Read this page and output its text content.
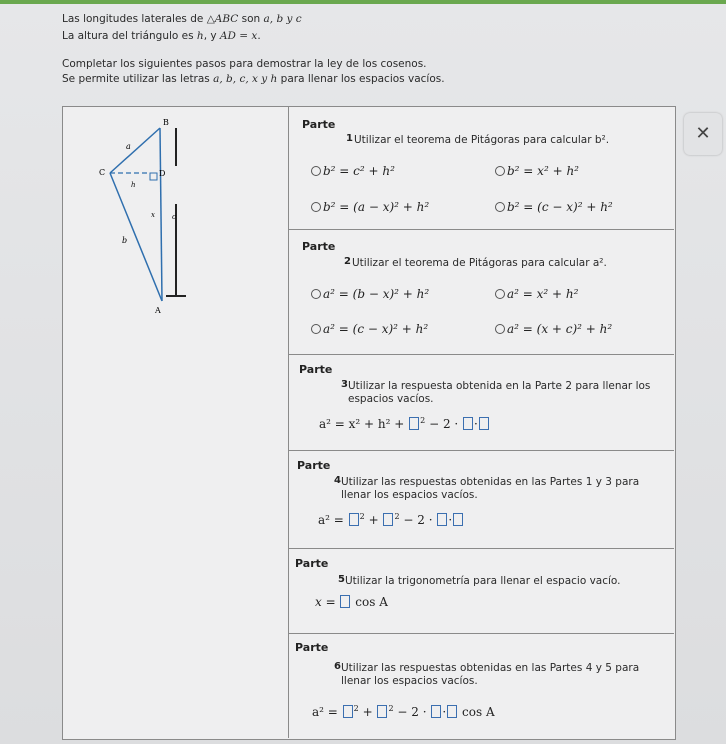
Las longitudes laterales de △ABC son a, b y c
La altura del triángulo es h, y AD = x.
Completar los siguientes pasos para demostrar la ley de los cosenos.
Se permite utilizar las letras a, b, c, x y h para llenar los espacios vacíos.
B
C	D
A
a
b
c
h
x
Parte
1 Utilizar el teorema de Pitágoras para calcular b².
b² = c² + h²	b² = x² + h²
b² = (a − x)² + h²	b² = (c − x)² + h²
Parte
2 Utilizar el teorema de Pitágoras para calcular a².
a² = (b − x)² + h²	a² = x² + h²
a² = (c − x)² + h²	a² = (x + c)² + h²
Parte
3 Utilizar la respuesta obtenida en la Parte 2 para llenar los espacios vacíos.
a² = x² + h² + $^2$ − 2 · ·
Parte
4 Utilizar las respuestas obtenidas en las Partes 1 y 3 para llenar los espacios vacíos.
a² = $^2$ + $^2$ − 2 · ·
Parte
5 Utilizar la trigonometría para llenar el espacio vacío.
x = cos A
Parte
6 Utilizar las respuestas obtenidas en las Partes 4 y 5 para llenar los espacios vacíos.
a² = $^2$ + $^2$ − 2 · · cos A
✕
